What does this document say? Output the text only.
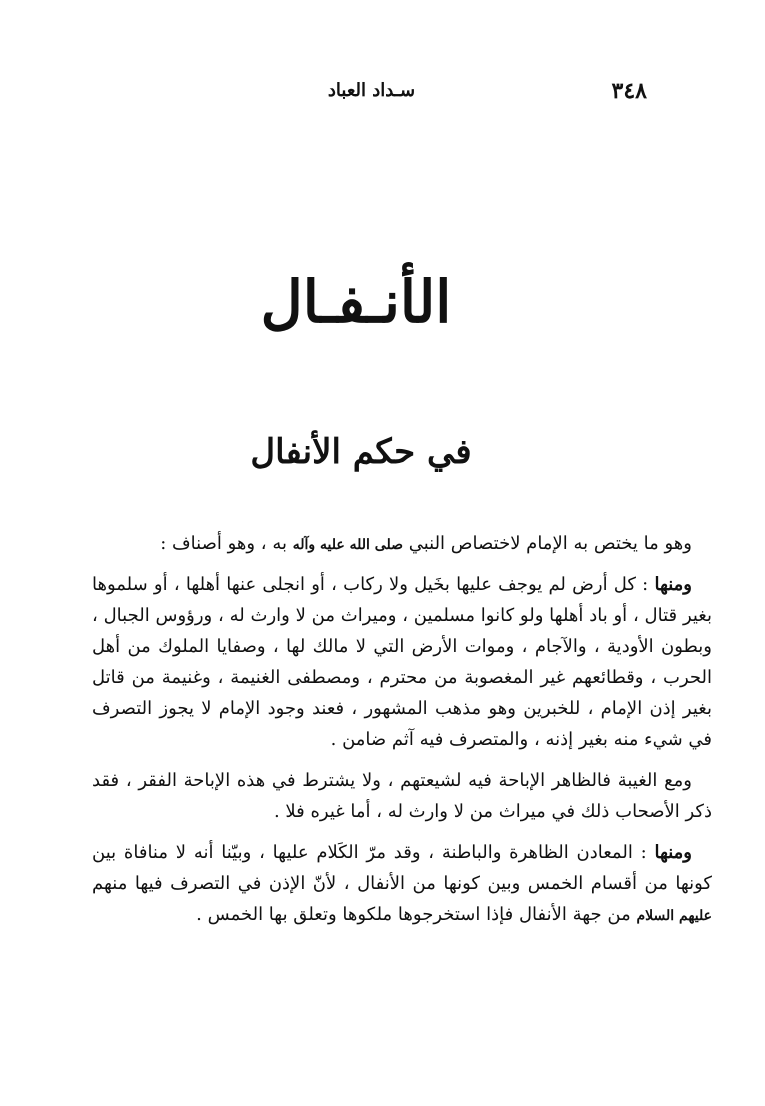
٣٤٨
سـداد العباد
الأنـفـال
في حكم الأنفال

وهو ما يختص به الإمام لاختصاص النبي صلى الله عليه وآله به ، وهو أصناف :

ومنها : كل أرض لم يوجف عليها بخَيل ولا ركاب ، أو انجلى عنها أهلها ، أو سلموها بغير قتال ، أو باد أهلها ولو كانوا مسلمين ، وميراث من لا وارث له ، ورؤوس الجبال ، وبطون الأودية ، والآجام ، وموات الأرض التي لا مالك لها ، وصفايا الملوك من أهل الحرب ، وقطائعهم غير المغصوبة من محترم ، ومصطفى الغنيمة ، وغنيمة من قاتل بغير إذن الإمام ، للخبرين وهو مذهب المشهور ، فعند وجود الإمام لا يجوز التصرف في شيء منه بغير إذنه ، والمتصرف فيه آثم ضامن .

ومع الغيبة فالظاهر الإباحة فيه لشيعتهم ، ولا يشترط في هذه الإباحة الفقر ، فقد ذكر الأصحاب ذلك في ميراث من لا وارث له ، أما غيره فلا .

ومنها : المعادن الظاهرة والباطنة ، وقد مرّ الكَلام عليها ، وبيّنا أنه لا منافاة بين كونها من أقسام الخمس وبين كونها من الأنفال ، لأنّ الإذن في التصرف فيها منهم عليهم السلام من جهة الأنفال فإذا استخرجوها ملكوها وتعلق بها الخمس .
